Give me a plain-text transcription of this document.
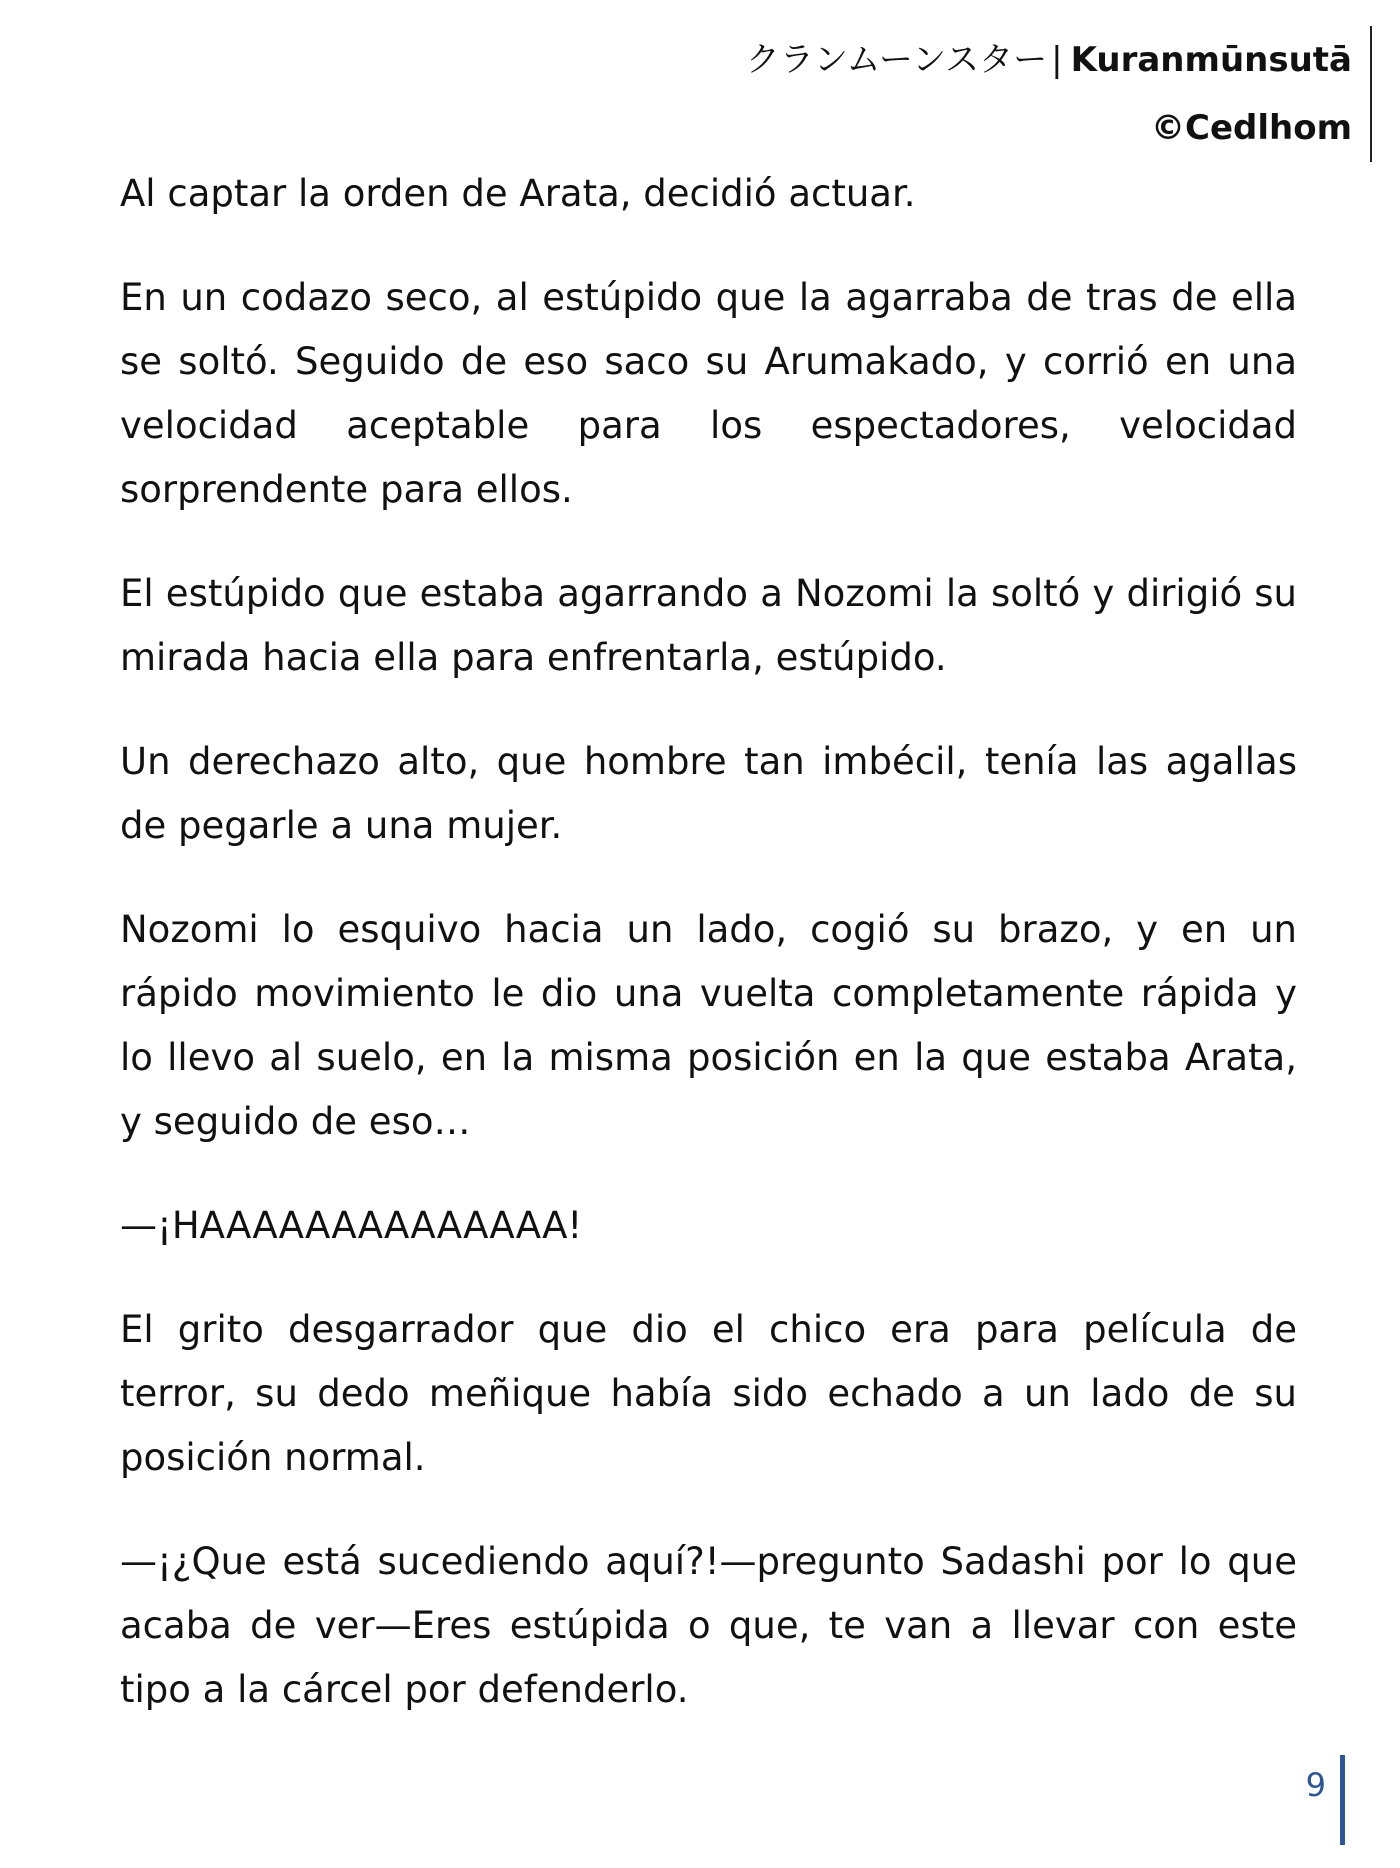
クランムーンスター | Kuranmūnsutā
©Cedlhom

Al captar la orden de Arata, decidió actuar.

En un codazo seco, al estúpido que la agarraba de tras de ella se soltó. Seguido de eso saco su Arumakado, y corrió en una velocidad aceptable para los espectadores, velocidad sorprendente para ellos.

El estúpido que estaba agarrando a Nozomi la soltó y dirigió su mirada hacia ella para enfrentarla, estúpido.

Un derechazo alto, que hombre tan imbécil, tenía las agallas de pegarle a una mujer.

Nozomi lo esquivo hacia un lado, cogió su brazo, y en un rápido movimiento le dio una vuelta completamente rápida y lo llevo al suelo, en la misma posición en la que estaba Arata, y seguido de eso…

—¡HAAAAAAAAAAAAAA!

El grito desgarrador que dio el chico era para película de terror, su dedo meñique había sido echado a un lado de su posición normal.

—¡¿Que está sucediendo aquí?!—pregunto Sadashi por lo que acaba de ver—Eres estúpida o que, te van a llevar con este tipo a la cárcel por defenderlo.

9
